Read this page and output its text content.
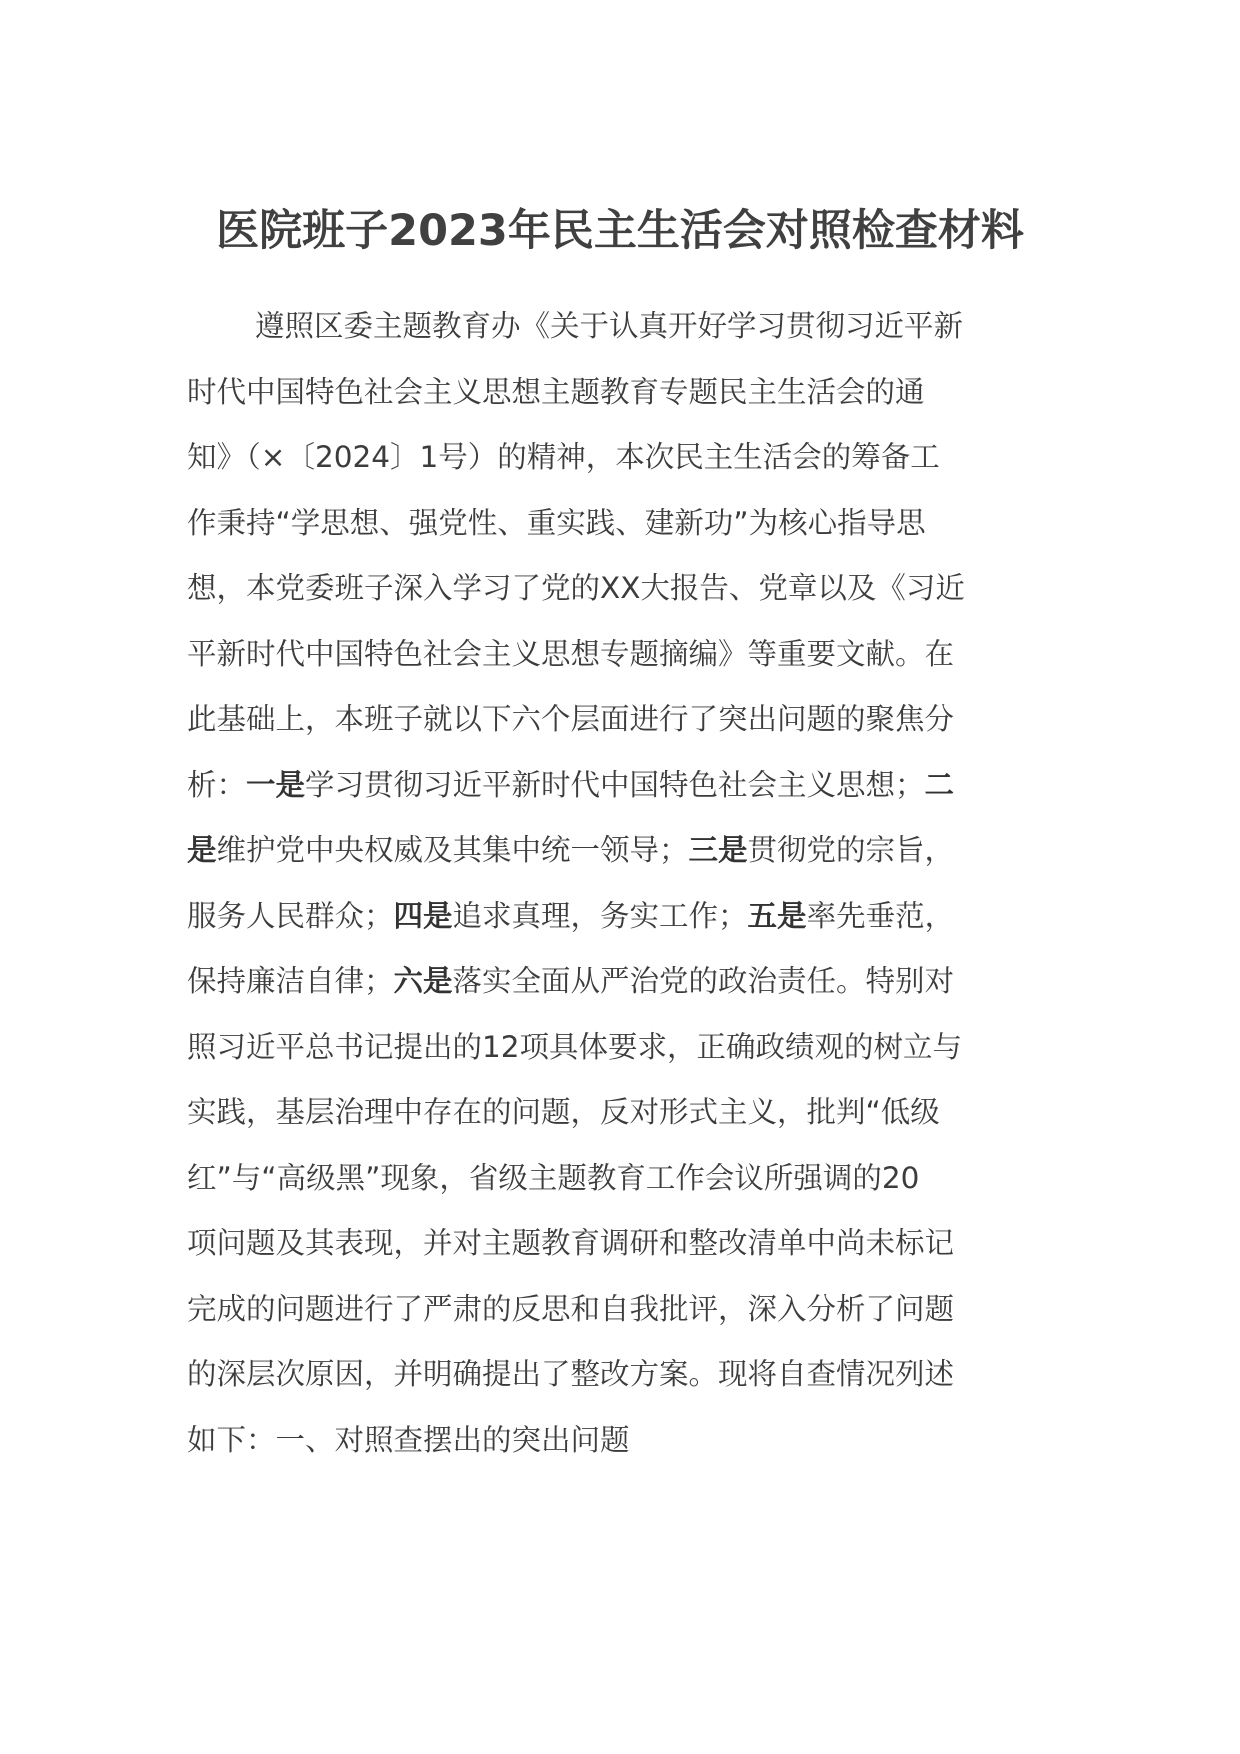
医院班子2023年民主生活会对照检查材料
遵照区委主题教育办《关于认真开好学习贯彻习近平新
时代中国特色社会主义思想主题教育专题民主生活会的通
知》（×〔2024〕1号）的精神，本次民主生活会的筹备工
作秉持“学思想、强党性、重实践、建新功”为核心指导思
想，本党委班子深入学习了党的XX大报告、党章以及《习近
平新时代中国特色社会主义思想专题摘编》等重要文献。在
此基础上，本班子就以下六个层面进行了突出问题的聚焦分
析：一是学习贯彻习近平新时代中国特色社会主义思想；二
是维护党中央权威及其集中统一领导；三是贯彻党的宗旨，
服务人民群众；四是追求真理，务实工作；五是率先垂范，
保持廉洁自律；六是落实全面从严治党的政治责任。特别对
照习近平总书记提出的12项具体要求，正确政绩观的树立与
实践，基层治理中存在的问题，反对形式主义，批判“低级
红”与“高级黑”现象，省级主题教育工作会议所强调的20
项问题及其表现，并对主题教育调研和整改清单中尚未标记
完成的问题进行了严肃的反思和自我批评，深入分析了问题
的深层次原因，并明确提出了整改方案。现将自查情况列述
如下：一、对照查摆出的突出问题
